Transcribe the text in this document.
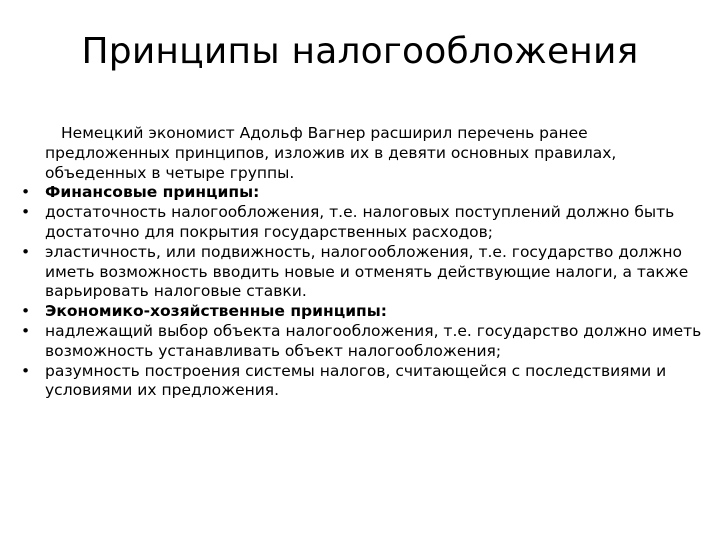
Принципы налогообложения

Немецкий экономист Адольф Вагнер расширил перечень ранее предложенных принципов, изложив их в девяти основных правилах, объеденных в четыре группы.

• Финансовые принципы:
• достаточность налогообложения, т.е. налоговых поступлений должно быть достаточно для покрытия государственных расходов;
• эластичность, или подвижность, налогообложения, т.е. государство должно иметь возможность вводить новые и отменять действующие налоги, а также варьировать налоговые ставки.
• Экономико-хозяйственные принципы:
• надлежащий выбор объекта налогообложения, т.е. государство должно иметь возможность устанавливать объект налогообложения;
• разумность построения системы налогов, считающейся с последствиями и условиями их предложения.
